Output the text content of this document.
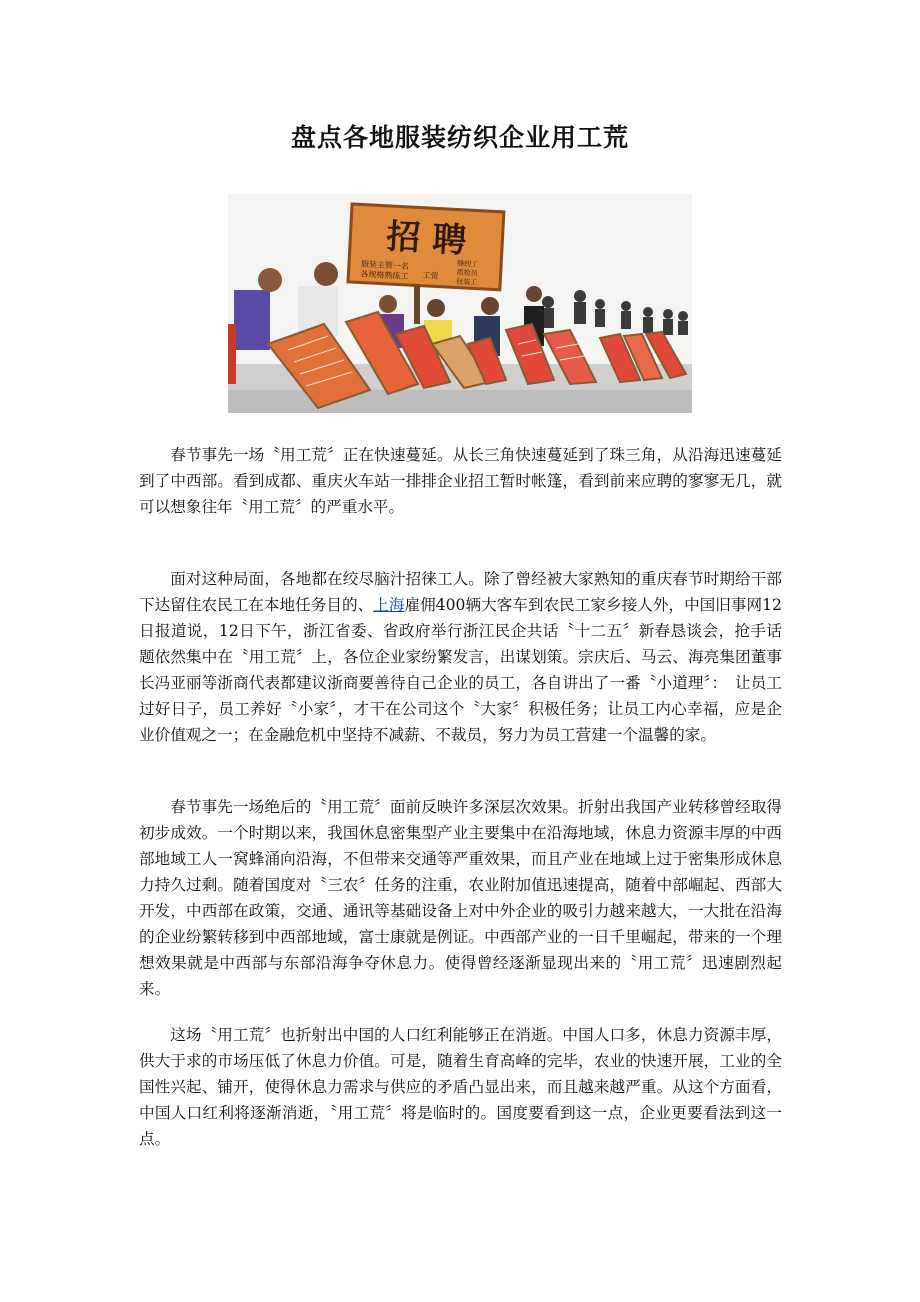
盘点各地服装纺织企业用工荒
招 聘
服装主管一名
各规格熟练工 工资
缝纫工
质检员
包装工

春节事先一场〝用工荒〞正在快速蔓延。从长三角快速蔓延到了珠三角，从沿海迅速蔓延到了中西部。看到成都、重庆火车站一排排企业招工暂时帐篷，看到前来应聘的寥寥无几，就可以想象往年〝用工荒〞的严重水平。

面对这种局面，各地都在绞尽脑汁招徕工人。除了曾经被大家熟知的重庆春节时期给干部下达留住农民工在本地任务目的、上海雇佣400辆大客车到农民工家乡接人外，中国旧事网12日报道说，12日下午，浙江省委、省政府举行浙江民企共话〝十二五〞新春恳谈会，抢手话题依然集中在〝用工荒〞上，各位企业家纷繁发言，出谋划策。宗庆后、马云、海亮集团董事长冯亚丽等浙商代表都建议浙商要善待自己企业的员工，各自讲出了一番〝小道理〞：　让员工过好日子，员工养好〝小家〞，才干在公司这个〝大家〞积极任务；让员工内心幸福，应是企业价值观之一；在金融危机中坚持不减薪、不裁员，努力为员工营建一个温馨的家。

春节事先一场绝后的〝用工荒〞面前反映许多深层次效果。折射出我国产业转移曾经取得初步成效。一个时期以来，我国休息密集型产业主要集中在沿海地域，休息力资源丰厚的中西部地域工人一窝蜂涌向沿海，不但带来交通等严重效果，而且产业在地域上过于密集形成休息力持久过剩。随着国度对〝三农〞任务的注重，农业附加值迅速提高，随着中部崛起、西部大开发，中西部在政策，交通、通讯等基础设备上对中外企业的吸引力越来越大，一大批在沿海的企业纷繁转移到中西部地域，富士康就是例证。中西部产业的一日千里崛起，带来的一个理想效果就是中西部与东部沿海争夺休息力。使得曾经逐渐显现出来的〝用工荒〞迅速剧烈起来。

这场〝用工荒〞也折射出中国的人口红利能够正在消逝。中国人口多，休息力资源丰厚，供大于求的市场压低了休息力价值。可是，随着生育高峰的完毕，农业的快速开展，工业的全国性兴起、铺开，使得休息力需求与供应的矛盾凸显出来，而且越来越严重。从这个方面看，中国人口红利将逐渐消逝，〝用工荒〞将是临时的。国度要看到这一点，企业更要看法到这一点。
